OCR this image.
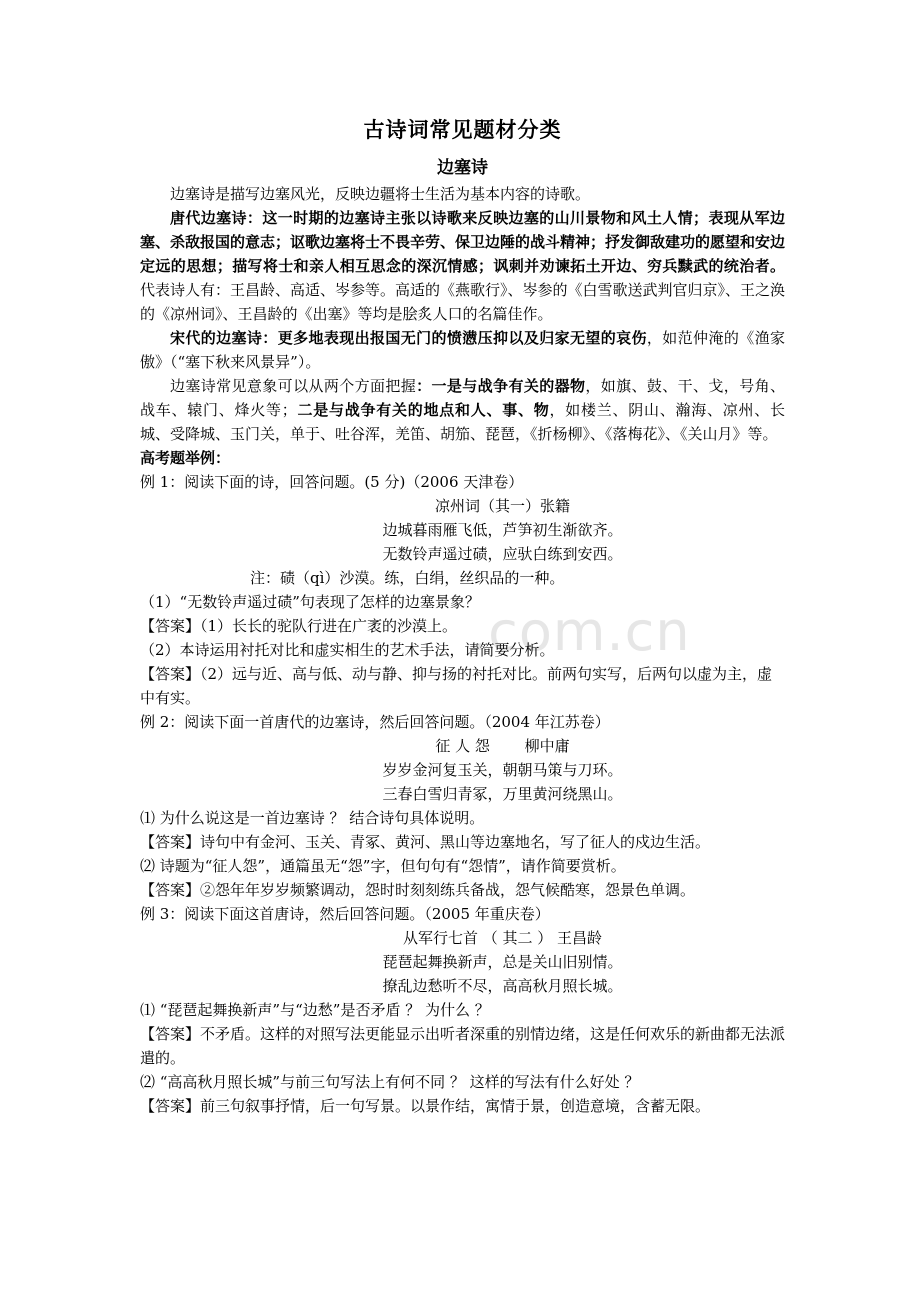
.com.cn
古诗词常见题材分类
边塞诗

边塞诗是描写边塞风光，反映边疆将士生活为基本内容的诗歌。

唐代边塞诗：这一时期的边塞诗主张以诗歌来反映边塞的山川景物和风土人情；表现从军边塞、杀敌报国的意志；讴歌边塞将士不畏辛劳、保卫边陲的战斗精神；抒发御敌建功的愿望和安边定远的思想；描写将士和亲人相互思念的深沉情感；讽刺并劝谏拓土开边、穷兵黩武的统治者。代表诗人有：王昌龄、高适、岑参等。高适的《燕歌行》、岑参的《白雪歌送武判官归京》、王之涣的《凉州词》、王昌龄的《出塞》等均是脍炙人口的名篇佳作。

宋代的边塞诗：更多地表现出报国无门的愤懑压抑以及归家无望的哀伤，如范仲淹的《渔家傲》（“塞下秋来风景异”）。

边塞诗常见意象可以从两个方面把握：一是与战争有关的器物，如旗、鼓、干、戈，号角、战车、辕门、烽火等；二是与战争有关的地点和人、事、物，如楼兰、阴山、瀚海、凉州、长城、受降城、玉门关，单于、吐谷浑，羌笛、胡笳、琵琶，《折杨柳》、《落梅花》、《关山月》等。

高考题举例：

例 1：阅读下面的诗，回答问题。(5 分)（2006 天津卷）

凉州词（其一）张籍

边城暮雨雁飞低，芦笋初生渐欲齐。

无数铃声遥过碛，应驮白练到安西。

注：碛（qì）沙漠。练，白绢，丝织品的一种。

（1）“无数铃声遥过碛”句表现了怎样的边塞景象？

【答案】（1）长长的驼队行进在广袤的沙漠上。

（2）本诗运用衬托对比和虚实相生的艺术手法，请简要分析。

【答案】（2）远与近、高与低、动与静、抑与扬的衬托对比。前两句实写，后两句以虚为主，虚中有实。

例 2：阅读下面一首唐代的边塞诗，然后回答问题。（2004 年江苏卷）

征 人 怨　　 柳中庸

岁岁金河复玉关，朝朝马策与刀环。

三春白雪归青冢，万里黄河绕黑山。

⑴ 为什么说这是一首边塞诗 ？ 结合诗句具体说明。

【答案】诗句中有金河、玉关、青冢、黄河、黑山等边塞地名，写了征人的戍边生活。

⑵ 诗题为“征人怨”，通篇虽无“怨”字，但句句有“怨情”，请作简要赏析。

【答案】②怨年年岁岁频繁调动，怨时时刻刻练兵备战，怨气候酷寒，怨景色单调。

例 3：阅读下面这首唐诗，然后回答问题。（2005 年重庆卷）

从军行七首 （ 其二 ） 王昌龄

琵琶起舞换新声，总是关山旧别情。

撩乱边愁听不尽，高高秋月照长城。

⑴ “琵琶起舞换新声”与“边愁”是否矛盾 ？ 为什么 ？

【答案】不矛盾。这样的对照写法更能显示出听者深重的别情边绪，这是任何欢乐的新曲都无法派遣的。

⑵ “高高秋月照长城”与前三句写法上有何不同 ？ 这样的写法有什么好处 ？

【答案】前三句叙事抒情，后一句写景。以景作结，寓情于景，创造意境，含蓄无限。
